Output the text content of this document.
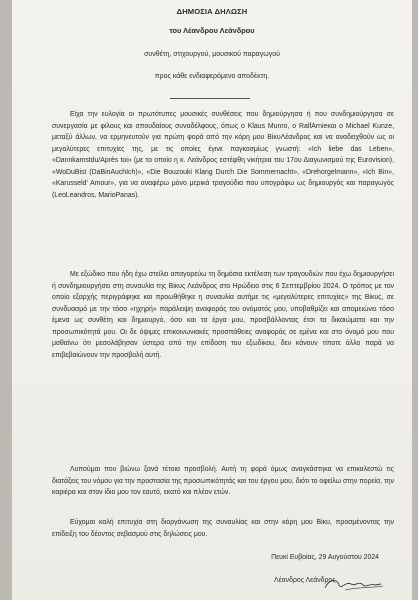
ΔΗΜΟΣΙΑ ΔΗΛΩΣΗ
του Λέανδρου Λεάνδρου
συνθέτη, στιχουργού, μουσικού παραγωγού
προς κάθε ενδιαφερόμενο αποδέκτη.

Είχα την ευλογία οι πρωτότυπες μουσικές συνθέσεις που δημιούργησα ή που συνδημιούργησα σε συνεργασία με φίλους και σπουδαίους συναδέλφους, όπως ο Klaus Munro, ο RalfArnieκαι ο Michael Kunze, μεταξύ άλλων, να ερμηνευτούν για πρώτη φορά από την κόρη μου ΒίκυΛέανδρος και να αναδειχθούν ως οι μεγαλύτερες επιτυχίες της, με τις οποίες έγινε παγκοσμίως γνωστή: «Ich liebe das Leben», «Dannkamstdu/Après toi» (με το οποίο η κ. Λεάνδρος εστέφθη νικήτρια του 17ου Διαγωνισμού της Eurovision), «WoDuBist (DaBinAuchIch)», «Die Bouzouki Klang Durch Die Sommernacht», «Drehorgelmann», «Ich Bin», «Karusseld' Amour», για να αναφέρω μόνο μερικά τραγούδια που υπογράφω ως δημιουργός και παραγωγός (LeoLeandros, MarioPanas).

Με εξώδικο που ήδη έχω στείλει απαγορεύω τη δημόσια εκτέλεση των τραγουδιών που έχω δημιουργήσει ή συνδημιουργήσει στη συναυλία της Βίκυς Λεάνδρος στο Ηρώδειο στις 6 Σεπτεμβρίου 2024. Ο τρόπος με τον οποίο εξαρχής περιγράφηκε και προωθήθηκε η συναυλία αυτήμε τις «μεγαλύτερες επιτυχίες» της Βίκυς, σε συνδυασμό με την τόσο «ηχηρή» παράλειψη αναφοράς του ονόματός μου, υποβαθμίζει και απομειώνει τόσο έμενα ως συνθέτη και δημιουργό, όσο και τα έργα μου, προσβάλλοντας έτσι τα δικαιώματα και την προσωπικότητά μου. Οι δε όψιμες επικοινωνιακές προσπάθειες αναφοράς σε εμένα και στο όνομά μου που μαθαίνω ότι μεσολάβησαν ύστερα από την επίδοση του εξωδίκου, δεν κάνουν τίποτε άλλο παρά να επιβεβαιώνουν την προσβολή αυτή.

Λυπούμαι που βιώνω ξανά τέτοια προσβολή. Αυτή τη φορά όμως αναγκάστηκα να επικαλεστώ τις διατάξεις του νόμου για την προστασία της προσωπικότητάς και του έργου μου, διότι το οφείλω στην πορεία, την καριέρα και στον ίδιο μου τον εαυτό, εκατό και πλέον ετών.

Εύχομαι καλή επιτυχία στη διοργάνωση της συναυλίας και στην κόρη μου Βίκυ, προσμένοντας την επίδειξη του δέοντος σεβασμού στις δηλώσεις μου.

Πευκί Ευβοίας, 29 Αυγούστου 2024
Λέανδρος Λεάνδρος
